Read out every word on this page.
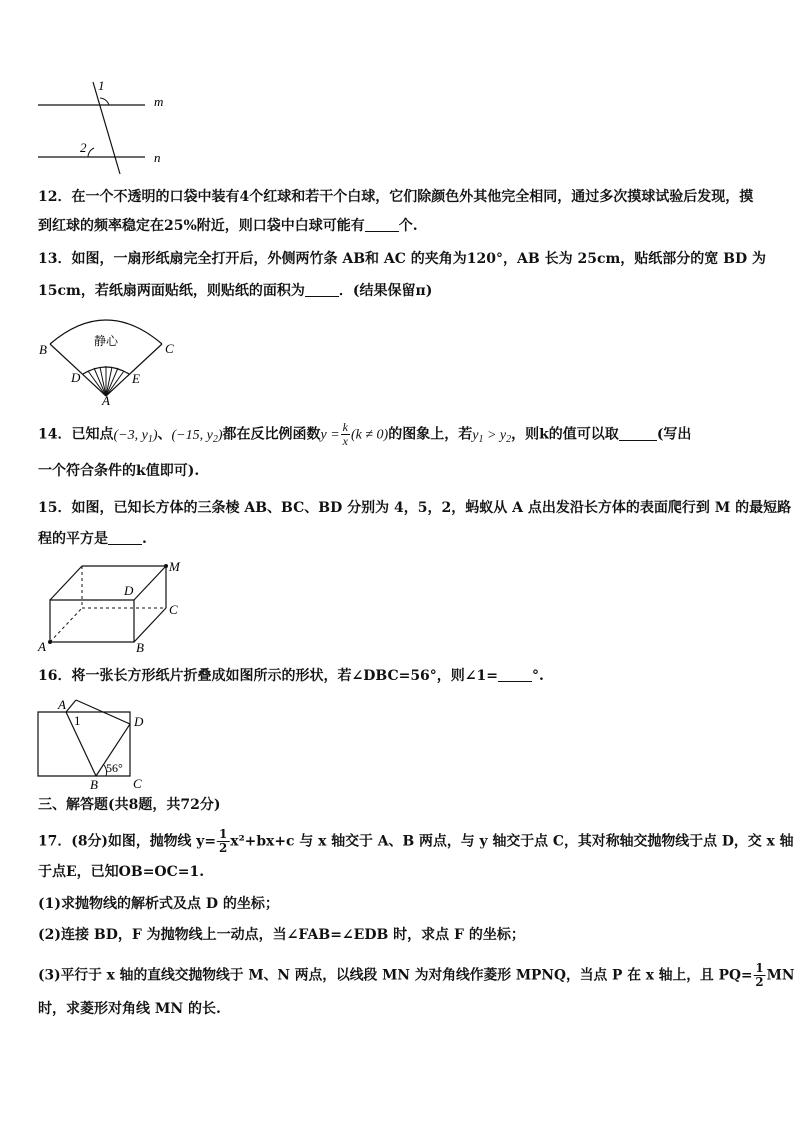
1
2
m
n
12．在一个不透明的口袋中装有4个红球和若干个白球，它们除颜色外其他完全相同，通过多次摸球试验后发现，摸
到红球的频率稳定在25%附近，则口袋中白球可能有 个.
13．如图，一扇形纸扇完全打开后，外侧两竹条 AB和 AC 的夹角为120°，AB 长为 25cm，贴纸部分的宽 BD 为
15cm，若纸扇两面贴纸，则贴纸的面积为 ．(结果保留π)
静心
B	C
D	E
A
14．已知点(−3, $y_1$)、(−15, $y_2$)都在反比例函数$y = \frac{k}{x} (k \ne 0)$的图象上，若$y_1 > y_2$，则k的值可以取	(写出
一个符合条件的k值即可).
15．如图，已知长方体的三条棱 AB、BC、BD 分别为 4，5，2，蚂蚁从 A 点出发沿长方体的表面爬行到 M 的最短路
程的平方是 .
M
D
C
A	B
16．将一张长方形纸片折叠成如图所示的形状，若∠DBC=56°，则∠1= °.
A
1	D
B	C
56°
三、解答题(共8题，共72分)
17．(8分)如图，抛物线 $y= \frac{1}{2} x^2+bx+c$ 与 x 轴交于 A、B 两点，与 y 轴交于点 C，其对称轴交抛物线于点 D，交 x 轴
于点E，已知OB=OC=1.
(1)求抛物线的解析式及点 D 的坐标；
(2)连接 BD，F 为抛物线上一动点，当∠FAB=∠EDB 时，求点 F 的坐标；
(3)平行于 x 轴的直线交抛物线于 M、N 两点，以线段 MN 为对角线作菱形 MPNQ，当点 P 在 x 轴上，且 $PQ= \frac{1}{2}$ MN
时，求菱形对角线 MN 的长.
